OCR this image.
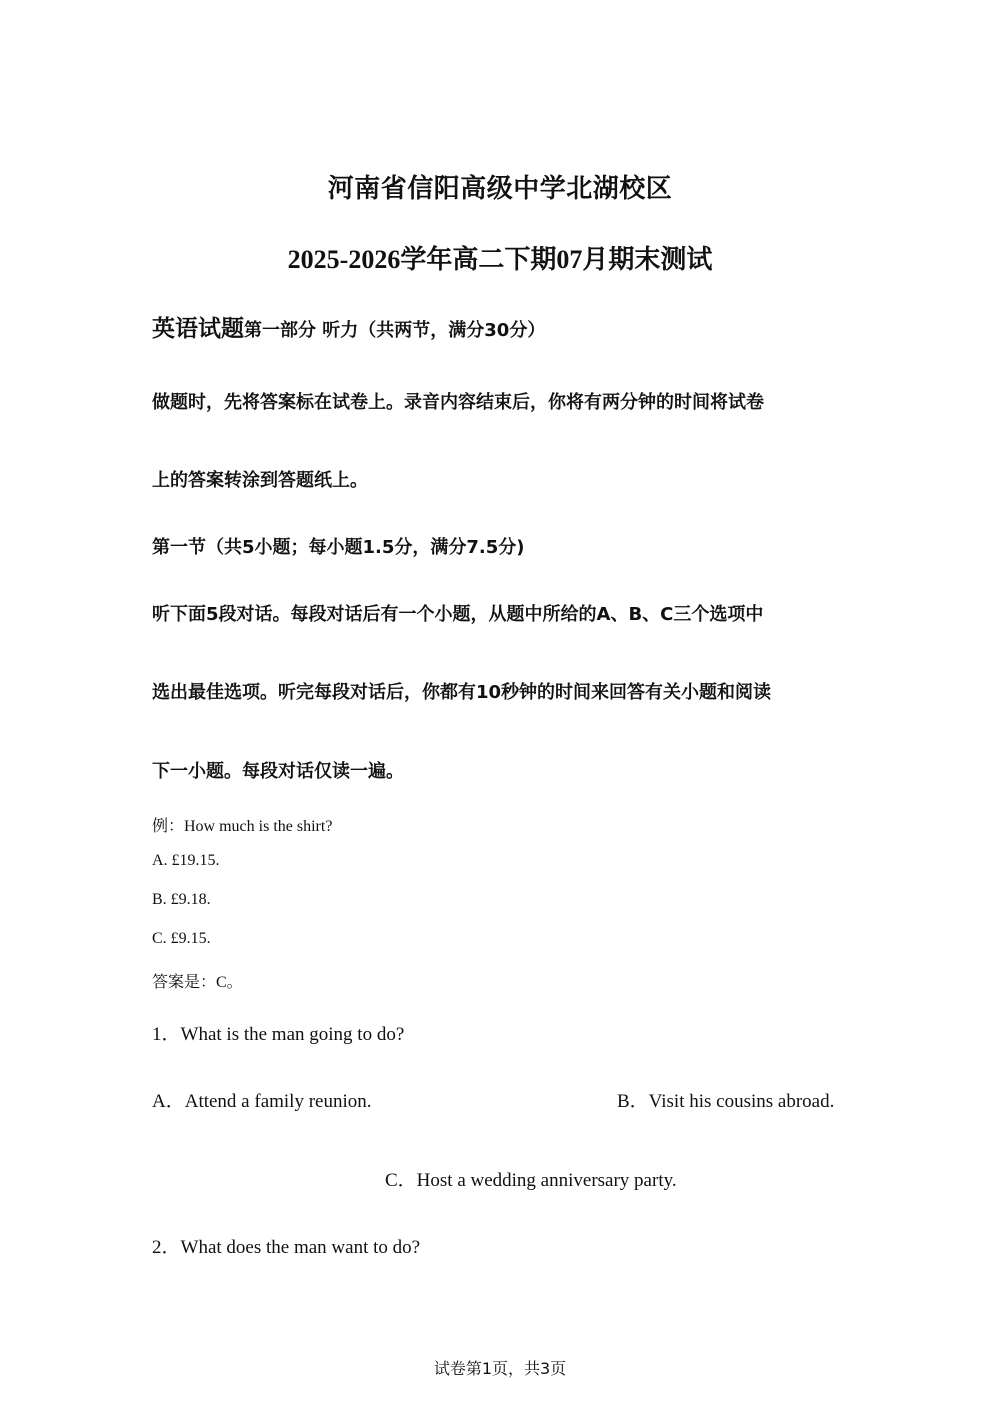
河南省信阳高级中学北湖校区
2025-2026学年高二下期07月期末测试
英语试题第一部分 听力（共两节，满分30分）
做题时，先将答案标在试卷上。录音内容结束后，你将有两分钟的时间将试卷
上的答案转涂到答题纸上。
第一节（共5小题；每小题1.5分，满分7.5分)
听下面5段对话。每段对话后有一个小题，从题中所给的A、B、C三个选项中
选出最佳选项。听完每段对话后，你都有10秒钟的时间来回答有关小题和阅读
下一小题。每段对话仅读一遍。
例：How much is the shirt?
A. £19.15.
B. £9.18.
C. £9.15.
答案是：C。
1．What is the man going to do?
A．Attend a family reunion.	B．Visit his cousins abroad.
C．Host a wedding anniversary party.
2．What does the man want to do?
试卷第1页，共3页
